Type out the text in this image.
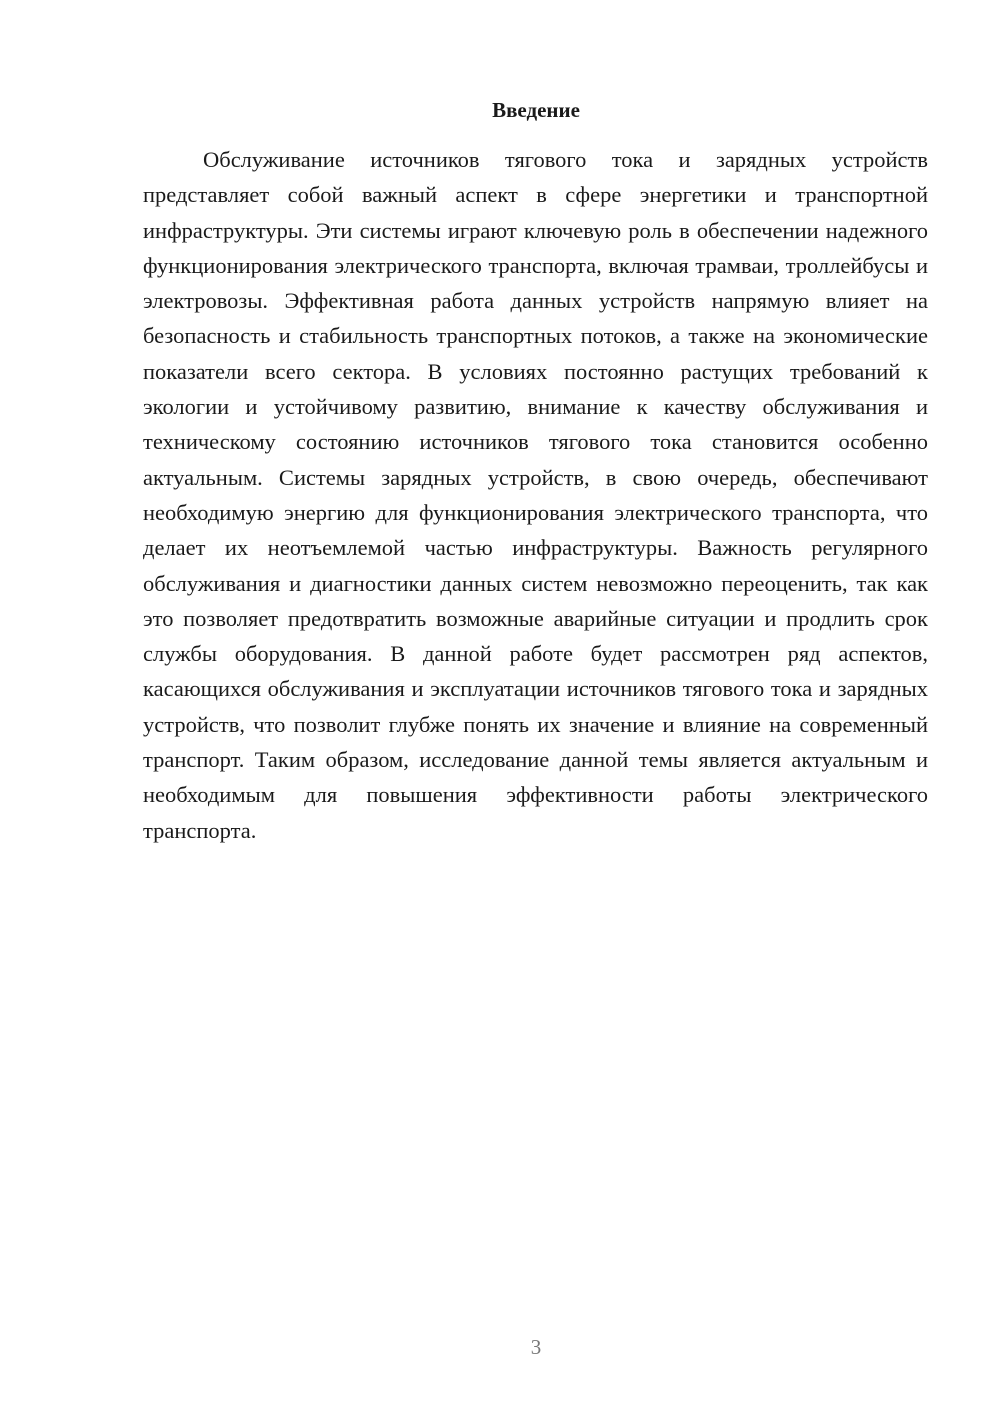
Введение

Обслуживание источников тягового тока и зарядных устройств представляет собой важный аспект в сфере энергетики и транспортной инфраструктуры. Эти системы играют ключевую роль в обеспечении надежного функционирования электрического транспорта, включая трамваи, троллейбусы и электровозы. Эффективная работа данных устройств напрямую влияет на безопасность и стабильность транспортных потоков, а также на экономические показатели всего сектора. В условиях постоянно растущих требований к экологии и устойчивому развитию, внимание к качеству обслуживания и техническому состоянию источников тягового тока становится особенно актуальным. Системы зарядных устройств, в свою очередь, обеспечивают необходимую энергию для функционирования электрического транспорта, что делает их неотъемлемой частью инфраструктуры. Важность регулярного обслуживания и диагностики данных систем невозможно переоценить, так как это позволяет предотвратить возможные аварийные ситуации и продлить срок службы оборудования. В данной работе будет рассмотрен ряд аспектов, касающихся обслуживания и эксплуатации источников тягового тока и зарядных устройств, что позволит глубже понять их значение и влияние на современный транспорт. Таким образом, исследование данной темы является актуальным и необходимым для повышения эффективности работы электрического транспорта.

3
